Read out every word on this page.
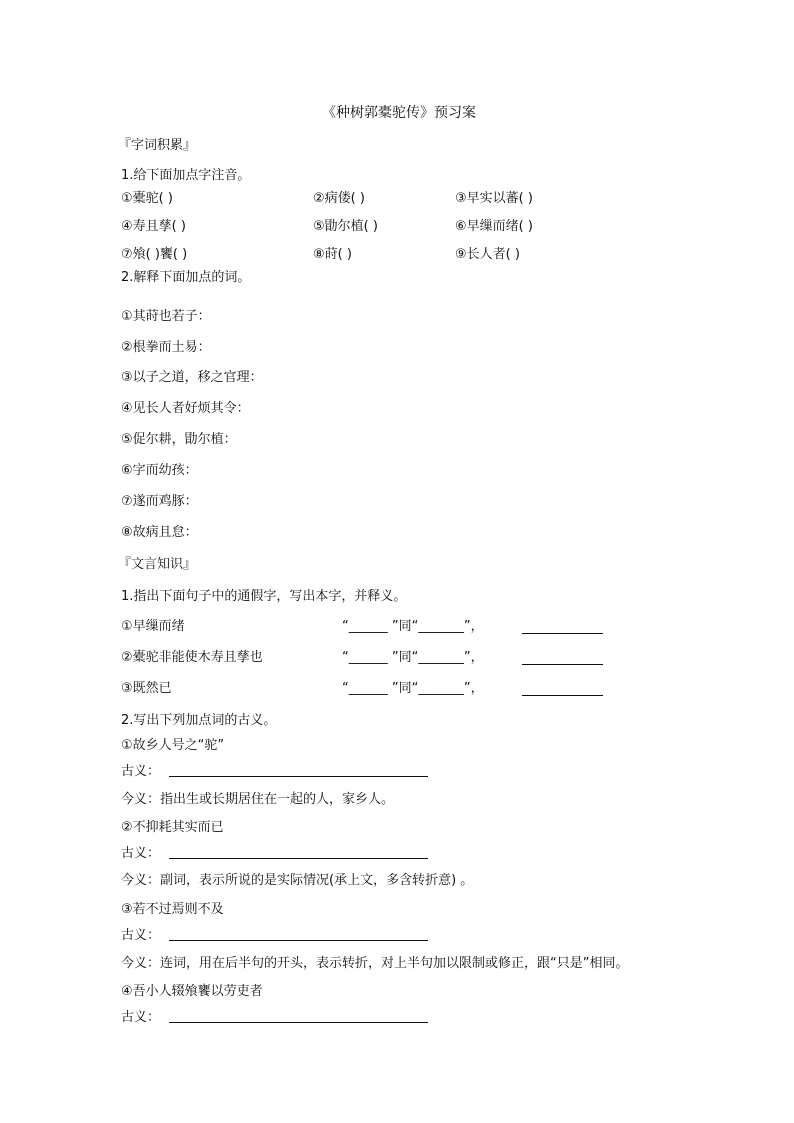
《种树郭橐驼传》预习案
『字词积累』
1.给下面加点字注音。
①橐驼( )	②病偻( )	③早实以蕃( )
④寿且孳( )	⑤勖尔植( )	⑥早缫而绪( )
⑦飧( )饔( )	⑧莳( )	⑨长人者( )
2.解释下面加点的词。
①其莳也若子：
②根拳而土易：
③以子之道，移之官理：
④见长人者好烦其令：
⑤促尔耕，勖尔植：
⑥字而幼孩：
⑦遂而鸡豚：
⑧故病且怠：
『文言知识』
1.指出下面句子中的通假字，写出本字，并释义。
①早缫而绪	“______ ”同“_______”，
②橐驼非能使木寿且孳也	“______ ”同“_______”，
③既然已	“______ ”同“_______”，
2.写出下列加点词的古义。
①故乡人号之“驼”
古义：
今义：指出生或长期居住在一起的人，家乡人。
②不抑耗其实而已
古义：
今义：副词，表示所说的是实际情况(承上文，多含转折意) 。
③若不过焉则不及
古义：
今义：连词，用在后半句的开头，表示转折，对上半句加以限制或修正，跟“只是”相同。
④吾小人辍飧饔以劳吏者
古义：
